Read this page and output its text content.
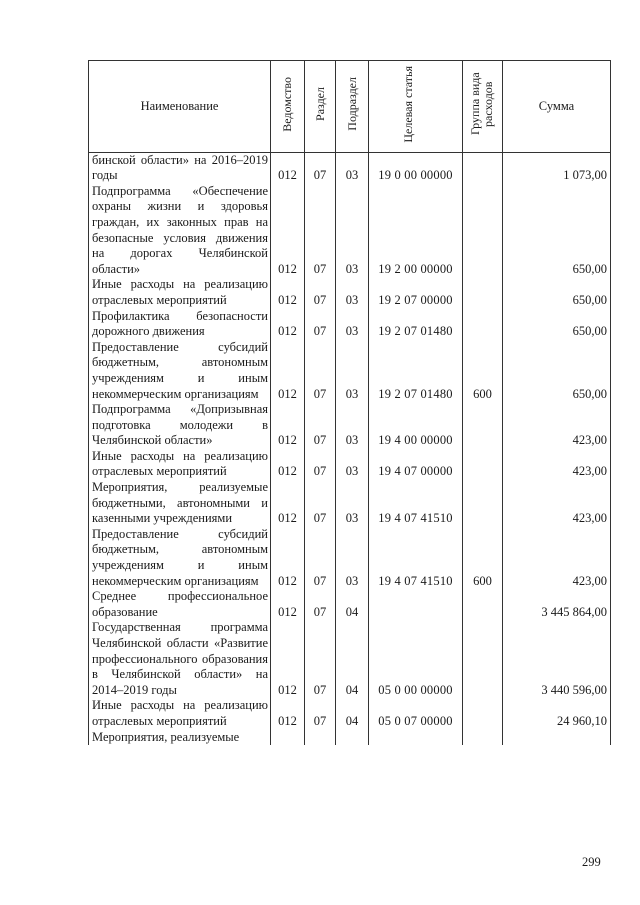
Наименование	Ведомство	Раздел	Подраздел	Целевая статья	Группа вида расходов	Сумма
бинской области» на 2016–2019 годы	012	07	03	19 0 00 00000		1 073,00
Подпрограмма «Обеспечение охраны жизни и здоровья граждан, их законных прав на безопасные условия движения на дорогах Челябинской области»	012	07	03	19 2 00 00000		650,00
Иные расходы на реализацию отраслевых мероприятий	012	07	03	19 2 07 00000		650,00
Профилактика безопасности дорожного движения	012	07	03	19 2 07 01480		650,00
Предоставление субсидий бюджетным, автономным учреждениям и иным некоммерческим организациям	012	07	03	19 2 07 01480	600	650,00
Подпрограмма «Допризывная подготовка молодежи в Челябинской области»	012	07	03	19 4 00 00000		423,00
Иные расходы на реализацию отраслевых мероприятий	012	07	03	19 4 07 00000		423,00
Мероприятия, реализуемые бюджетными, автономными и казенными учреждениями	012	07	03	19 4 07 41510		423,00
Предоставление субсидий бюджетным, автономным учреждениям и иным некоммерческим организациям	012	07	03	19 4 07 41510	600	423,00
Среднее профессиональное образование	012	07	04			3 445 864,00
Государственная программа Челябинской области «Развитие профессионального образования в Челябинской области» на 2014–2019 годы	012	07	04	05 0 00 00000		3 440 596,00
Иные расходы на реализацию отраслевых мероприятий	012	07	04	05 0 07 00000		24 960,10
Мероприятия, реализуемые						
299
